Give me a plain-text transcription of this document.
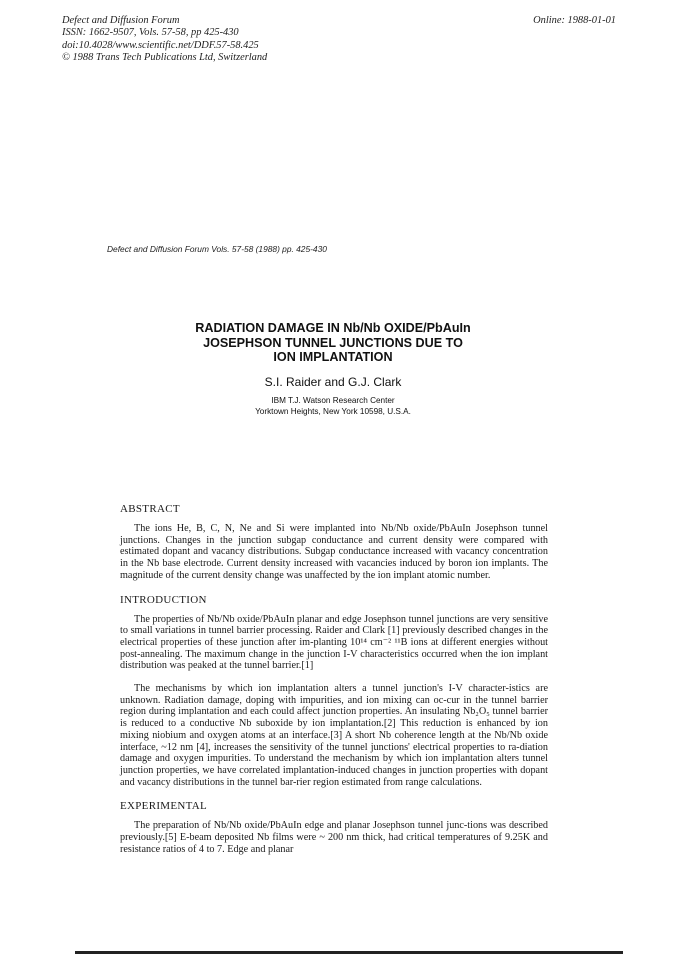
Defect and Diffusion Forum
ISSN: 1662-9507, Vols. 57-58, pp 425-430
doi:10.4028/www.scientific.net/DDF.57-58.425
© 1988 Trans Tech Publications Ltd, Switzerland
Online: 1988-01-01
Defect and Diffusion Forum Vols. 57-58 (1988) pp. 425-430
RADIATION DAMAGE IN Nb/Nb OXIDE/PbAuIn
JOSEPHSON TUNNEL JUNCTIONS DUE TO
ION IMPLANTATION
S.I. Raider and G.J. Clark
IBM T.J. Watson Research Center
Yorktown Heights, New York 10598, U.S.A.
ABSTRACT

The ions He, B, C, N, Ne and Si were implanted into Nb/Nb oxide/PbAuIn Josephson tunnel junctions. Changes in the junction subgap conductance and current density were compared with estimated dopant and vacancy distributions. Subgap conductance increased with vacancy concentration in the Nb base electrode. Current density increased with vacancies induced by boron ion implants. The magnitude of the current density change was unaffected by the ion implant atomic number.

INTRODUCTION

The properties of Nb/Nb oxide/PbAuIn planar and edge Josephson tunnel junctions are very sensitive to small variations in tunnel barrier processing. Raider and Clark [1] previously described changes in the electrical properties of these junction after im-planting 10¹⁴ cm⁻² ¹¹B ions at different energies without post-annealing. The maximum change in the junction I-V characteristics occurred when the ion implant distribution was peaked at the tunnel barrier.[1]

The mechanisms by which ion implantation alters a tunnel junction's I-V character-istics are unknown. Radiation damage, doping with impurities, and ion mixing can oc-cur in the tunnel barrier region during implantation and each could affect junction properties. An insulating Nb₂O₅ tunnel barrier is reduced to a conductive Nb suboxide by ion implantation.[2] This reduction is enhanced by ion mixing niobium and oxygen atoms at an interface.[3] A short Nb coherence length at the Nb/Nb oxide interface, ~12 nm [4], increases the sensitivity of the tunnel junctions' electrical properties to ra-diation damage and oxygen impurities. To understand the mechanism by which ion implantation alters tunnel junction properties, we have correlated implantation-induced changes in junction properties with dopant and vacancy distributions in the tunnel bar-rier region estimated from range calculations.

EXPERIMENTAL

The preparation of Nb/Nb oxide/PbAuIn edge and planar Josephson tunnel junc-tions was described previously.[5] E-beam deposited Nb films were ~ 200 nm thick, had critical temperatures of 9.25K and resistance ratios of 4 to 7. Edge and planar
